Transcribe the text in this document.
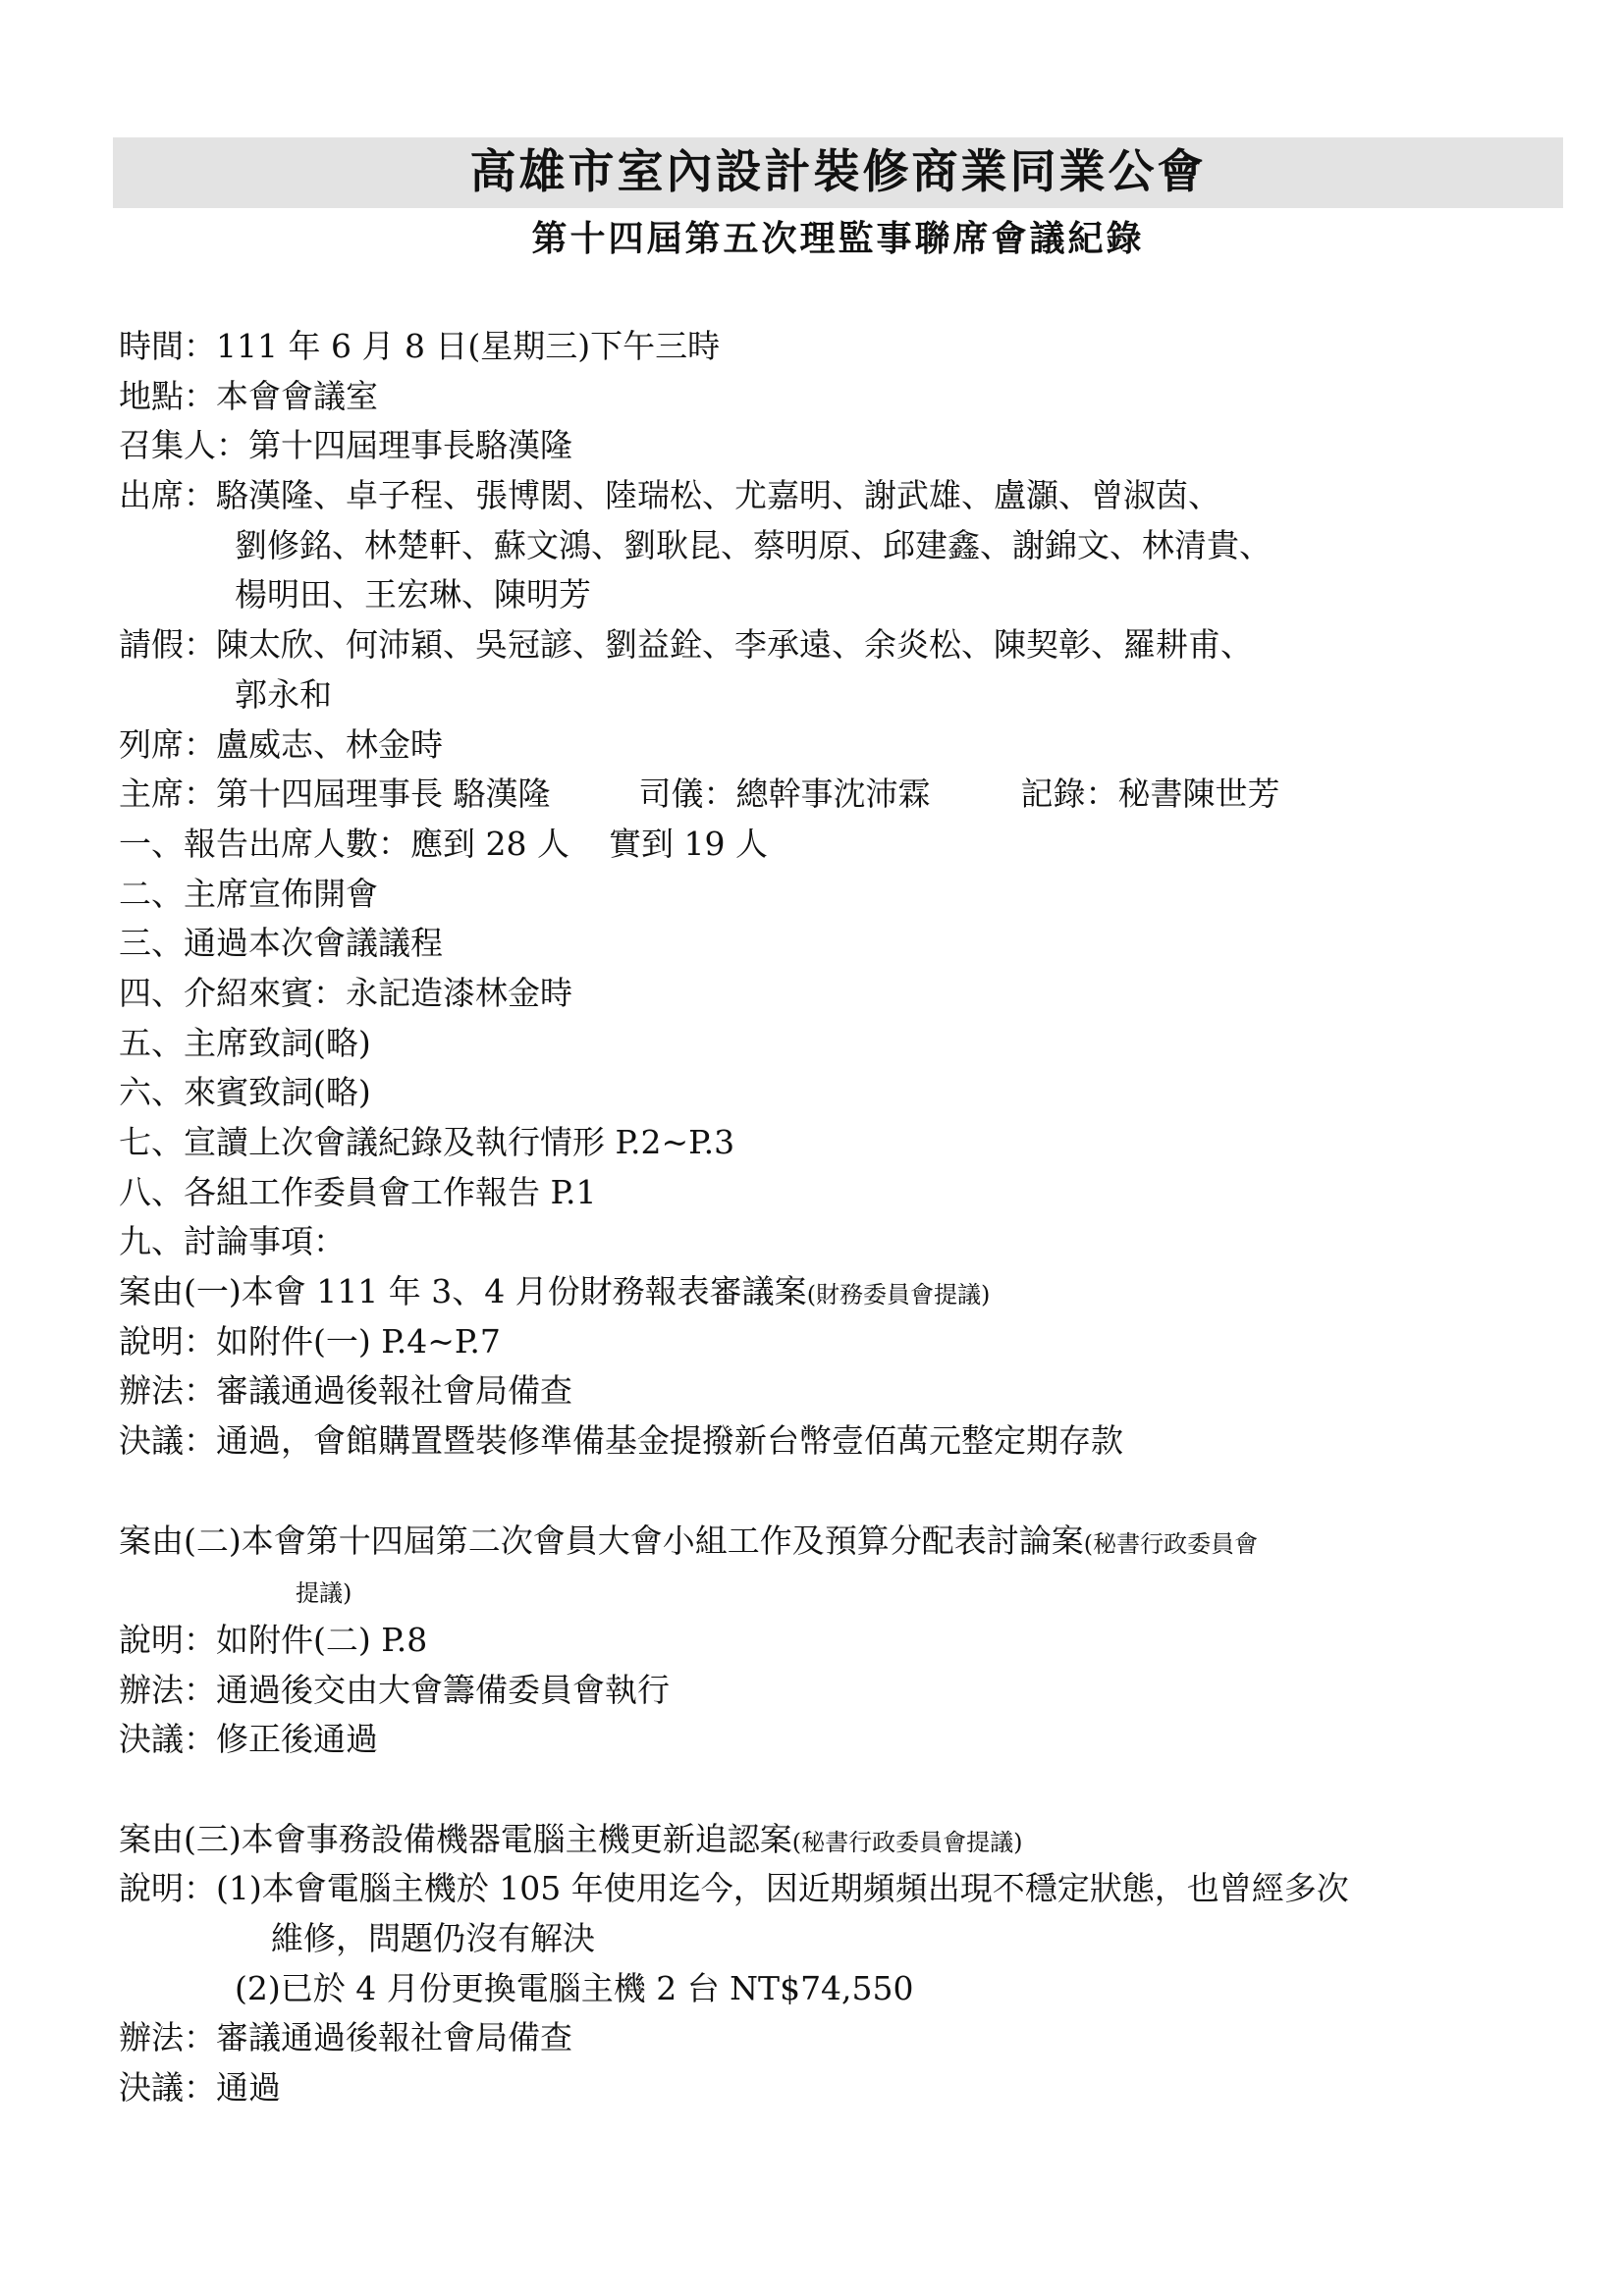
高雄市室內設計裝修商業同業公會
第十四屆第五次理監事聯席會議紀錄
時間：111 年 6 月 8 日(星期三)下午三時
地點：本會會議室
召集人：第十四屆理事長駱漢隆
出席：駱漢隆、卓子程、張博閎、陸瑞松、尤嘉明、謝武雄、盧灝、曾淑茵、
劉修銘、林楚軒、蘇文鴻、劉耿昆、蔡明原、邱建鑫、謝錦文、林清貴、
楊明田、王宏琳、陳明芳
請假：陳太欣、何沛穎、吳冠諺、劉益銓、李承遠、余炎松、陳契彰、羅耕甫、
郭永和
列席：盧威志、林金時
主席：第十四屆理事長 駱漢隆	司儀：總幹事沈沛霖	記錄：秘書陳世芳
一、報告出席人數：應到 28 人 實到 19 人
二、主席宣佈開會
三、通過本次會議議程
四、介紹來賓：永記造漆林金時
五、主席致詞(略)
六、來賓致詞(略)
七、宣讀上次會議紀錄及執行情形 P.2~P.3
八、各組工作委員會工作報告 P.1
九、討論事項：
案由(一)本會 111 年 3、4 月份財務報表審議案(財務委員會提議)
說明：如附件(一) P.4~P.7
辦法：審議通過後報社會局備查
決議：通過，會館購置暨裝修準備基金提撥新台幣壹佰萬元整定期存款
案由(二)本會第十四屆第二次會員大會小組工作及預算分配表討論案(秘書行政委員會
提議)
說明：如附件(二) P.8
辦法：通過後交由大會籌備委員會執行
決議：修正後通過
案由(三)本會事務設備機器電腦主機更新追認案(秘書行政委員會提議)
說明：(1)本會電腦主機於 105 年使用迄今，因近期頻頻出現不穩定狀態，也曾經多次
維修，問題仍沒有解決
(2)已於 4 月份更換電腦主機 2 台 NT$74,550
辦法：審議通過後報社會局備查
決議：通過
